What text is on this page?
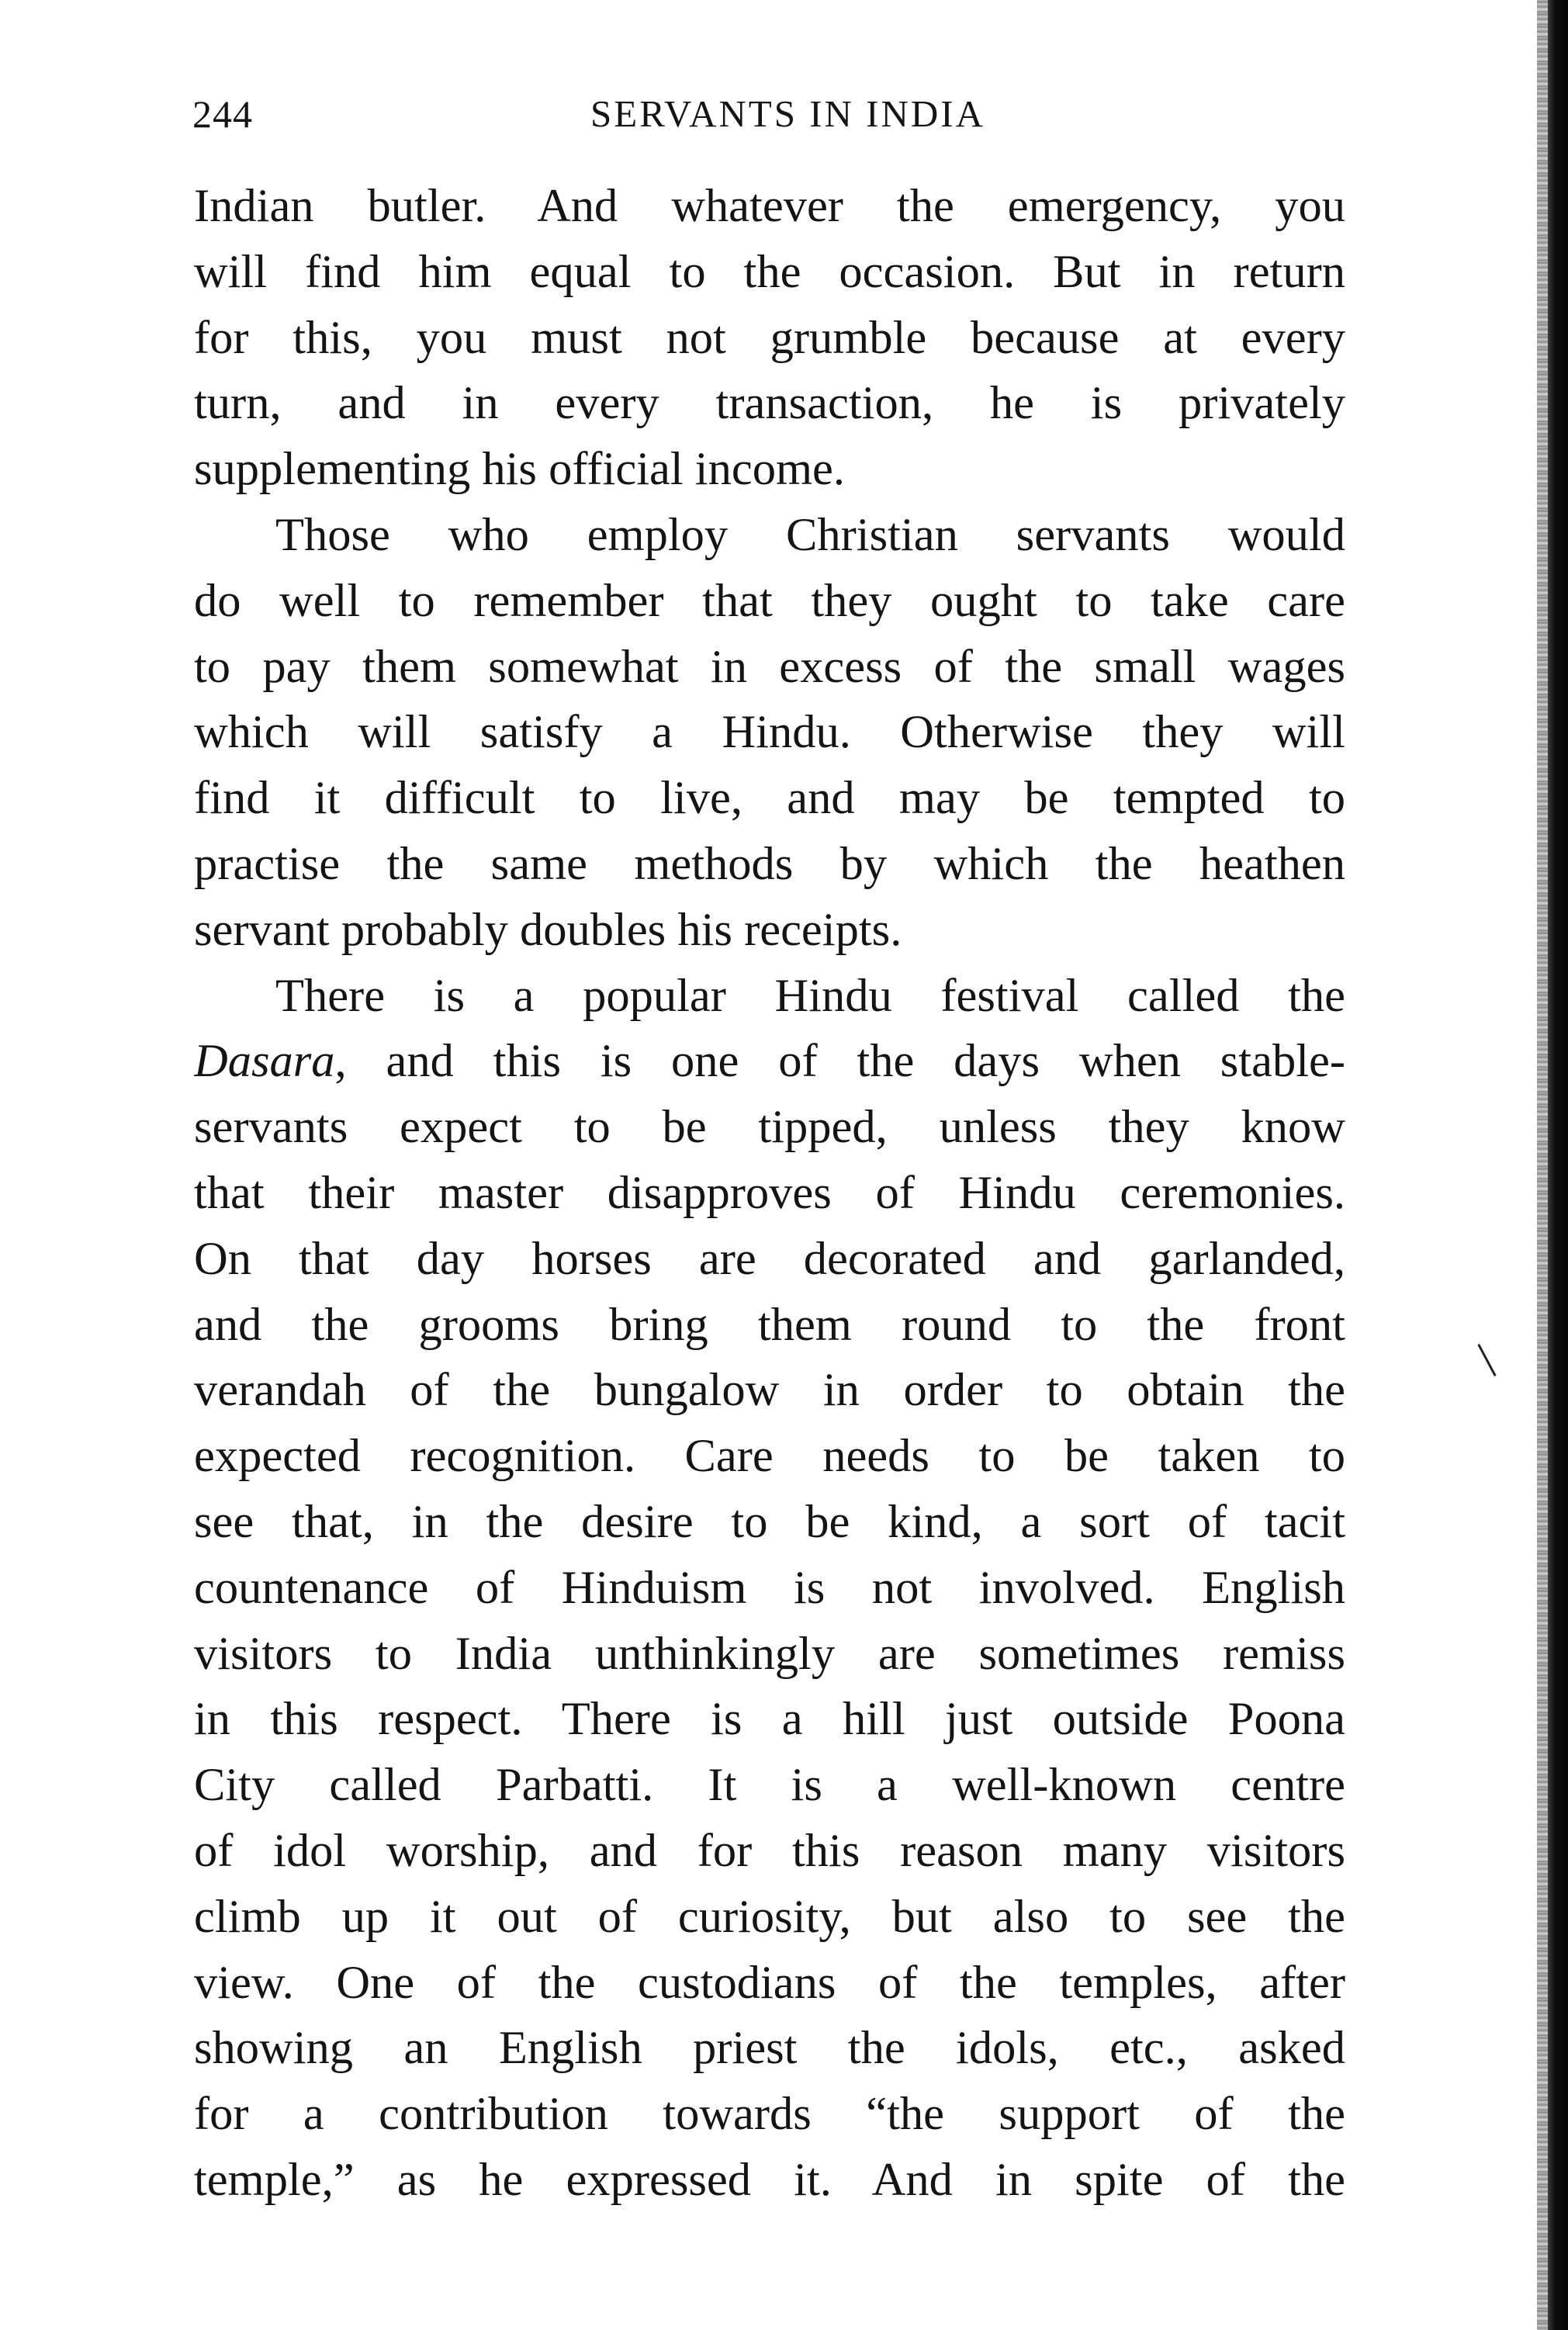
244	SERVANTS IN INDIA
Indian butler. And whatever the emergency, you
will find him equal to the occasion. But in return
for this, you must not grumble because at every
turn, and in every transaction, he is privately
supplementing his official income.
Those who employ Christian servants would
do well to remember that they ought to take care
to pay them somewhat in excess of the small wages
which will satisfy a Hindu. Otherwise they will
find it difficult to live, and may be tempted to
practise the same methods by which the heathen
servant probably doubles his receipts.
There is a popular Hindu festival called the
Dasara, and this is one of the days when stable-
servants expect to be tipped, unless they know
that their master disapproves of Hindu ceremonies.
On that day horses are decorated and garlanded,
and the grooms bring them round to the front
verandah of the bungalow in order to obtain the
expected recognition. Care needs to be taken to
see that, in the desire to be kind, a sort of tacit
countenance of Hinduism is not involved. English
visitors to India unthinkingly are sometimes remiss
in this respect. There is a hill just outside Poona
City called Parbatti. It is a well-known centre
of idol worship, and for this reason many visitors
climb up it out of curiosity, but also to see the
view. One of the custodians of the temples, after
showing an English priest the idols, etc., asked
for a contribution towards “the support of the
temple,” as he expressed it. And in spite of the
